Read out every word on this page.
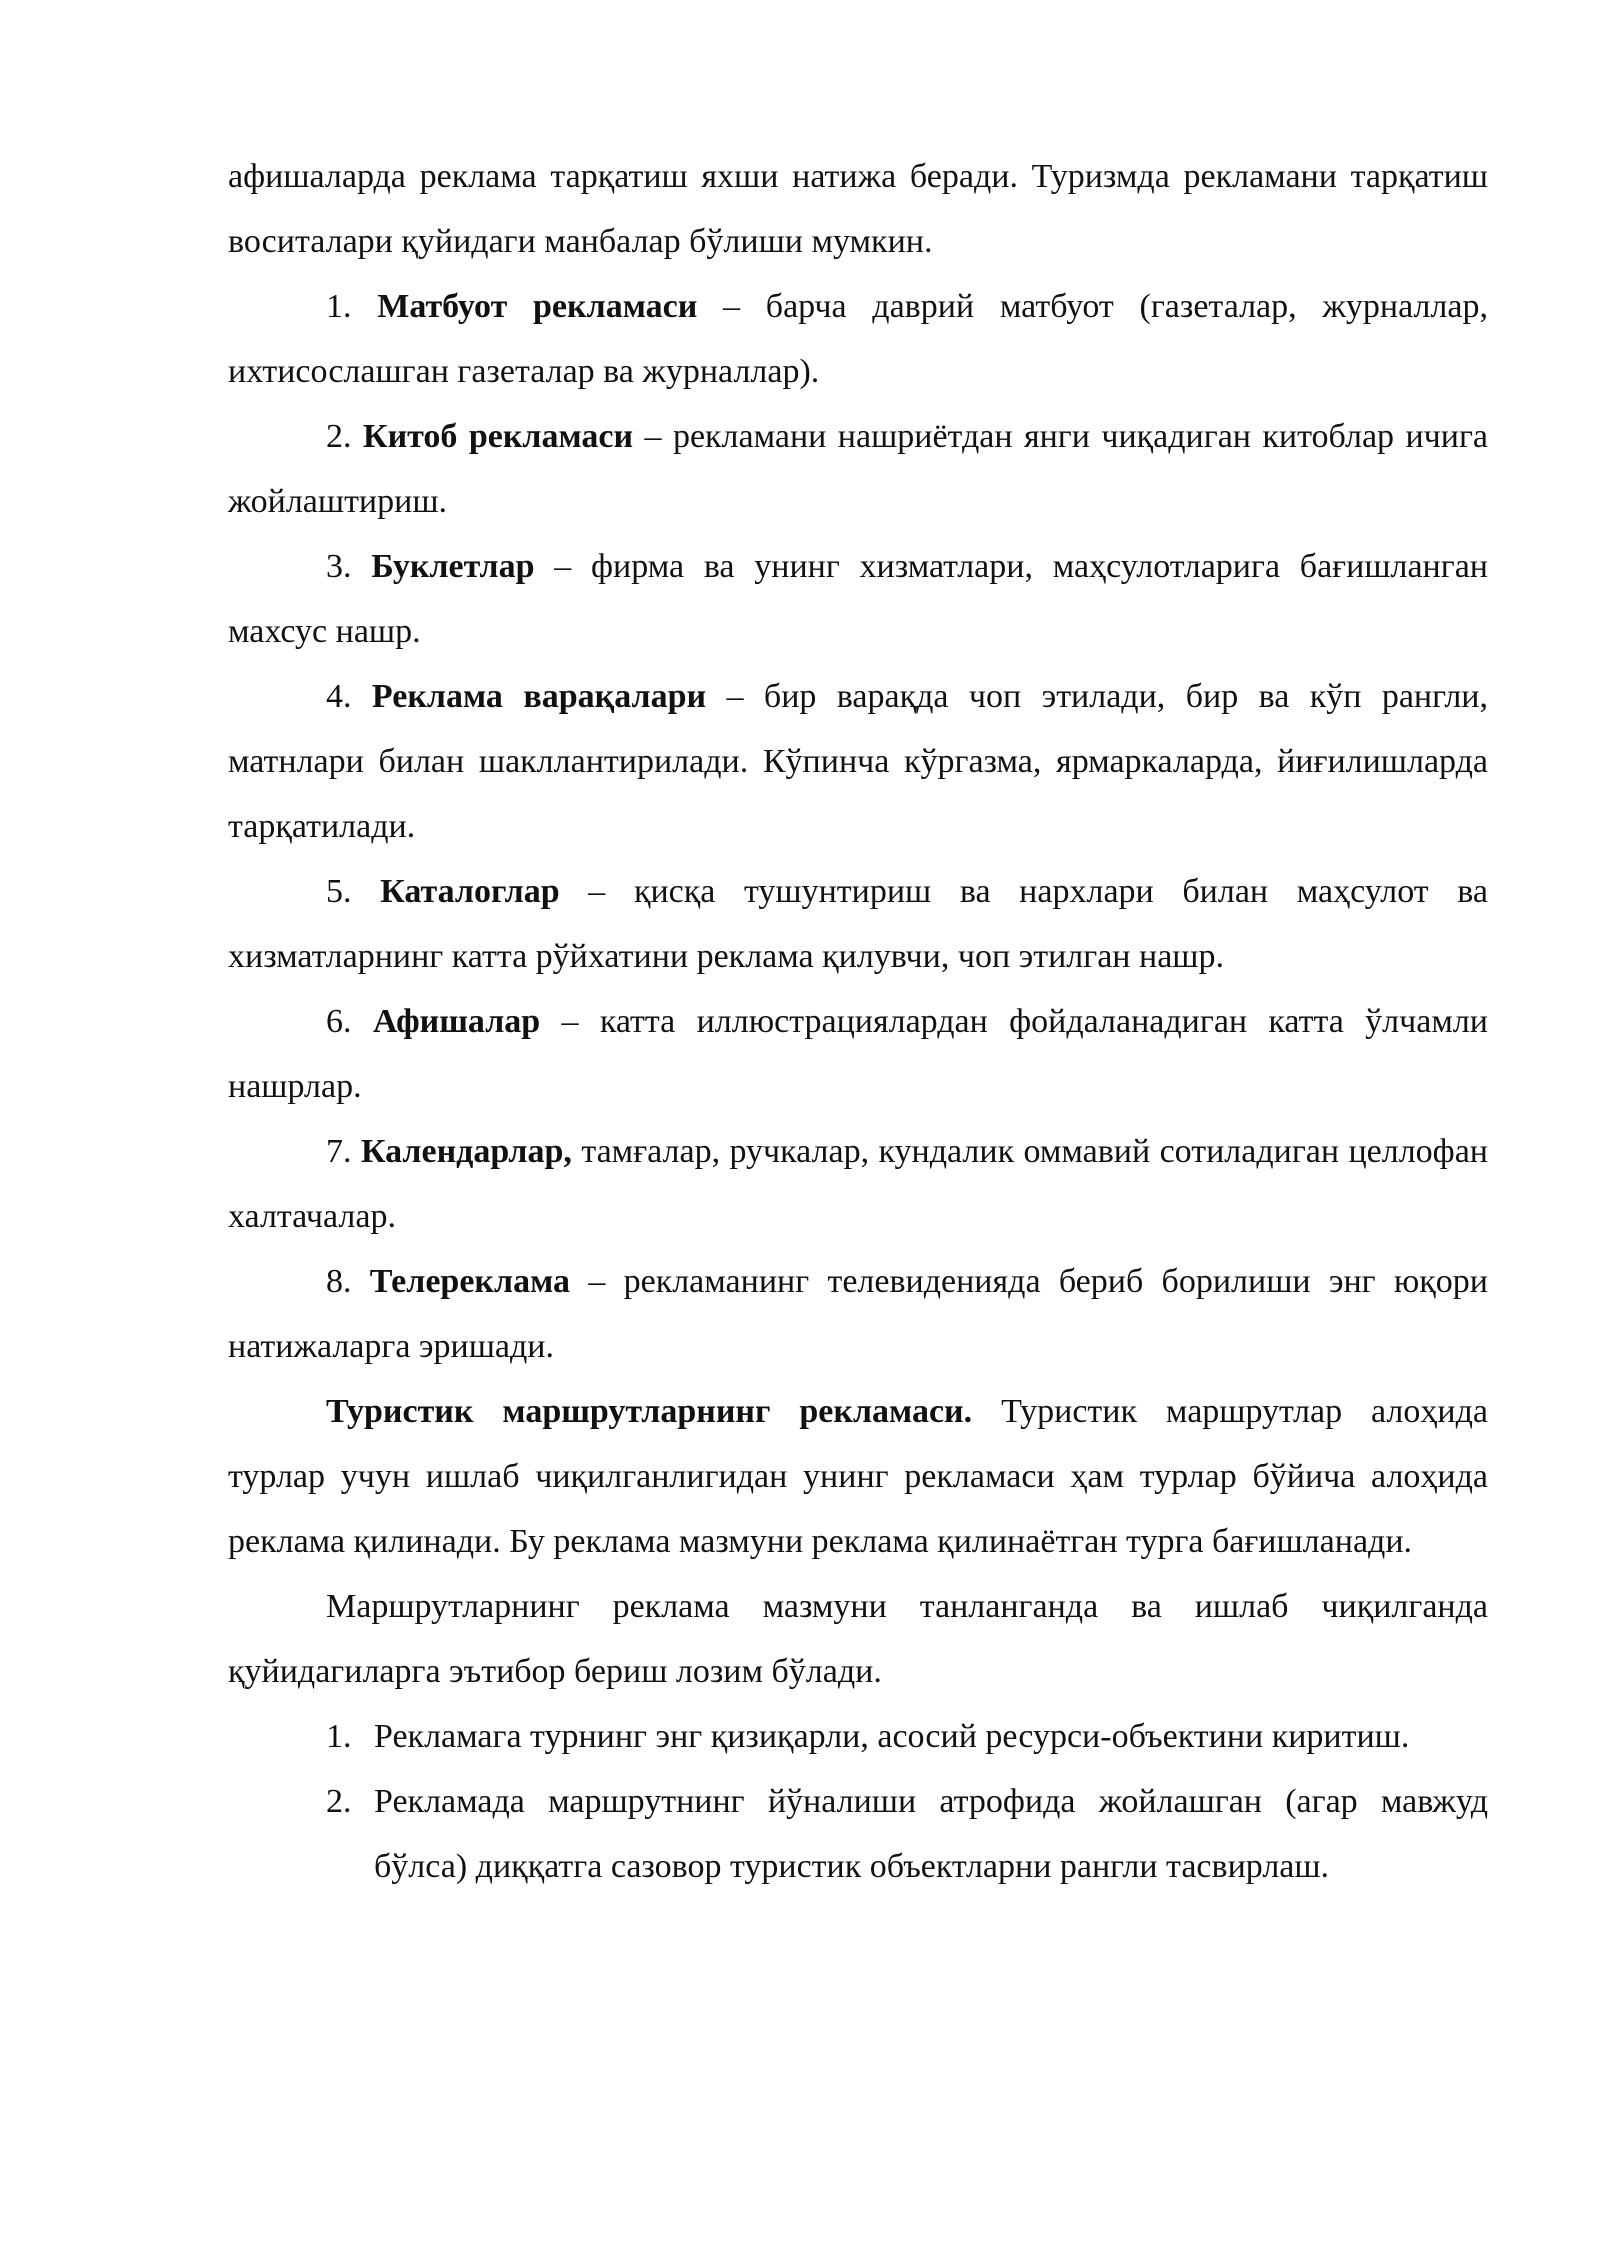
афишаларда реклама тарқатиш яхши натижа беради. Туризмда рекламани тарқатиш воситалари қуйидаги манбалар бўлиши мумкин.

1. Матбуот рекламаси – барча даврий матбуот (газеталар, журналлар, ихтисослашган газеталар ва журналлар).

2. Китоб рекламаси – рекламани нашриётдан янги чиқадиган китоблар ичига жойлаштириш.

3. Буклетлар – фирма ва унинг хизматлари, маҳсулотларига бағишланган махсус нашр.

4. Реклама варақалари – бир варақда чоп этилади, бир ва кўп рангли, матнлари билан шакллантирилади. Кўпинча кўргазма, ярмаркаларда, йиғилишларда тарқатилади.

5. Каталоглар – қисқа тушунтириш ва нархлари билан маҳсулот ва хизматларнинг катта рўйхатини реклама қилувчи, чоп этилган нашр.

6. Афишалар – катта иллюстрациялардан фойдаланадиган катта ўлчамли нашрлар.

7. Календарлар, тамғалар, ручкалар, кундалик оммавий сотиладиган целлофан халтачалар.

8. Телереклама – рекламанинг телевиденияда бериб борилиши энг юқори натижаларга эришади.

Туристик маршрутларнинг рекламаси. Туристик маршрутлар алоҳида турлар учун ишлаб чиқилганлигидан унинг рекламаси ҳам турлар бўйича алоҳида реклама қилинади. Бу реклама мазмуни реклама қилинаётган турга бағишланади.

Маршрутларнинг реклама мазмуни танланганда ва ишлаб чиқилганда қуйидагиларга эътибор бериш лозим бўлади.

1. Рекламага турнинг энг қизиқарли, асосий ресурси-объектини киритиш.
2. Рекламада маршрутнинг йўналиши атрофида жойлашган (агар мавжуд бўлса) диққатга сазовор туристик объектларни рангли тасвирлаш.
